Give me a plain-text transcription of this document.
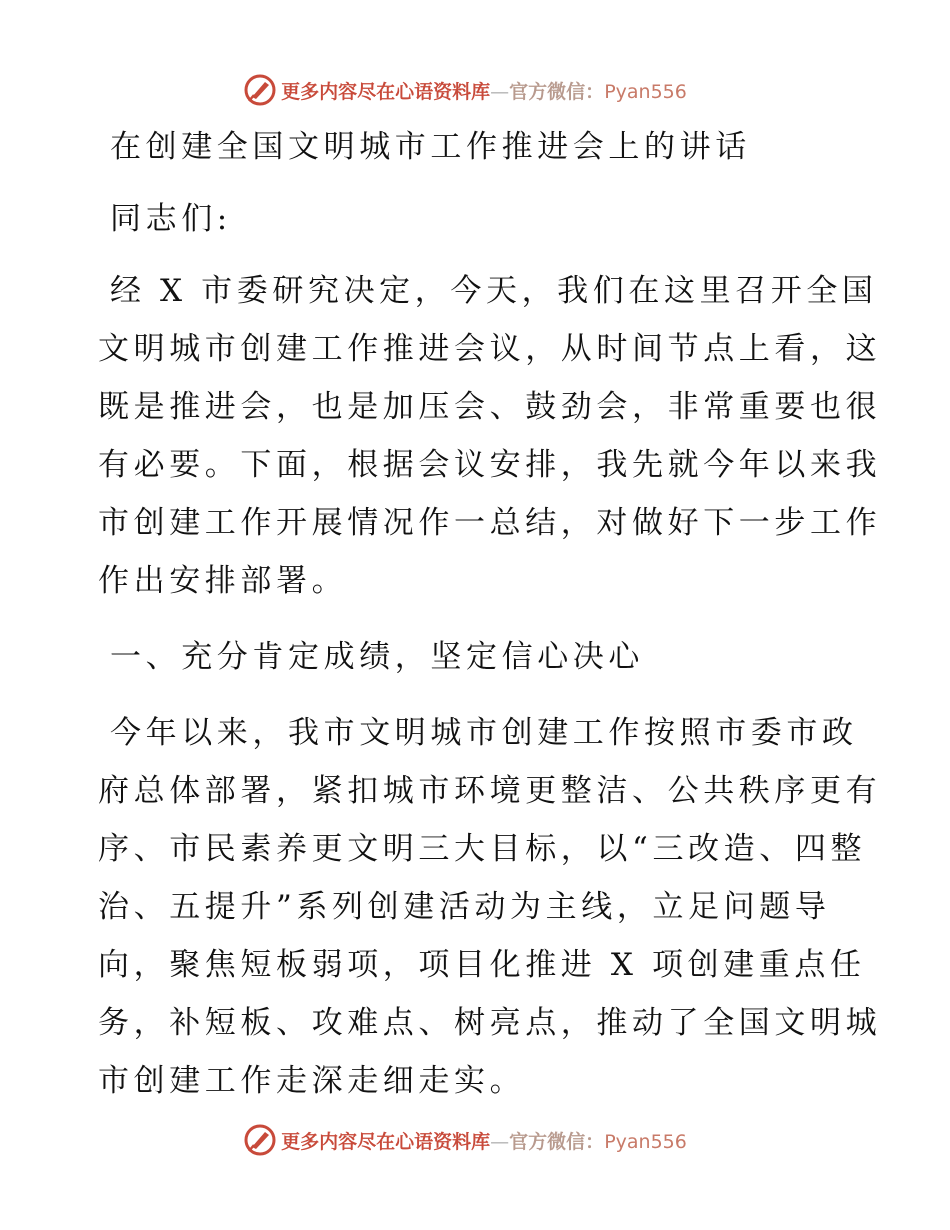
更多内容尽在心语资料库—官方微信：Pyan556
在创建全国文明城市工作推进会上的讲话
同志们:
经 X 市委研究决定，今天，我们在这里召开全国
文明城市创建工作推进会议，从时间节点上看，这
既是推进会，也是加压会、鼓劲会，非常重要也很
有必要。下面，根据会议安排，我先就今年以来我
市创建工作开展情况作一总结，对做好下一步工作
作出安排部署。
一、充分肯定成绩，坚定信心决心
今年以来，我市文明城市创建工作按照市委市政
府总体部署，紧扣城市环境更整洁、公共秩序更有
序、市民素养更文明三大目标，以“三改造、四整
治、五提升”系列创建活动为主线，立足问题导
向，聚焦短板弱项，项目化推进 X 项创建重点任
务，补短板、攻难点、树亮点，推动了全国文明城
市创建工作走深走细走实。
更多内容尽在心语资料库—官方微信：Pyan556
